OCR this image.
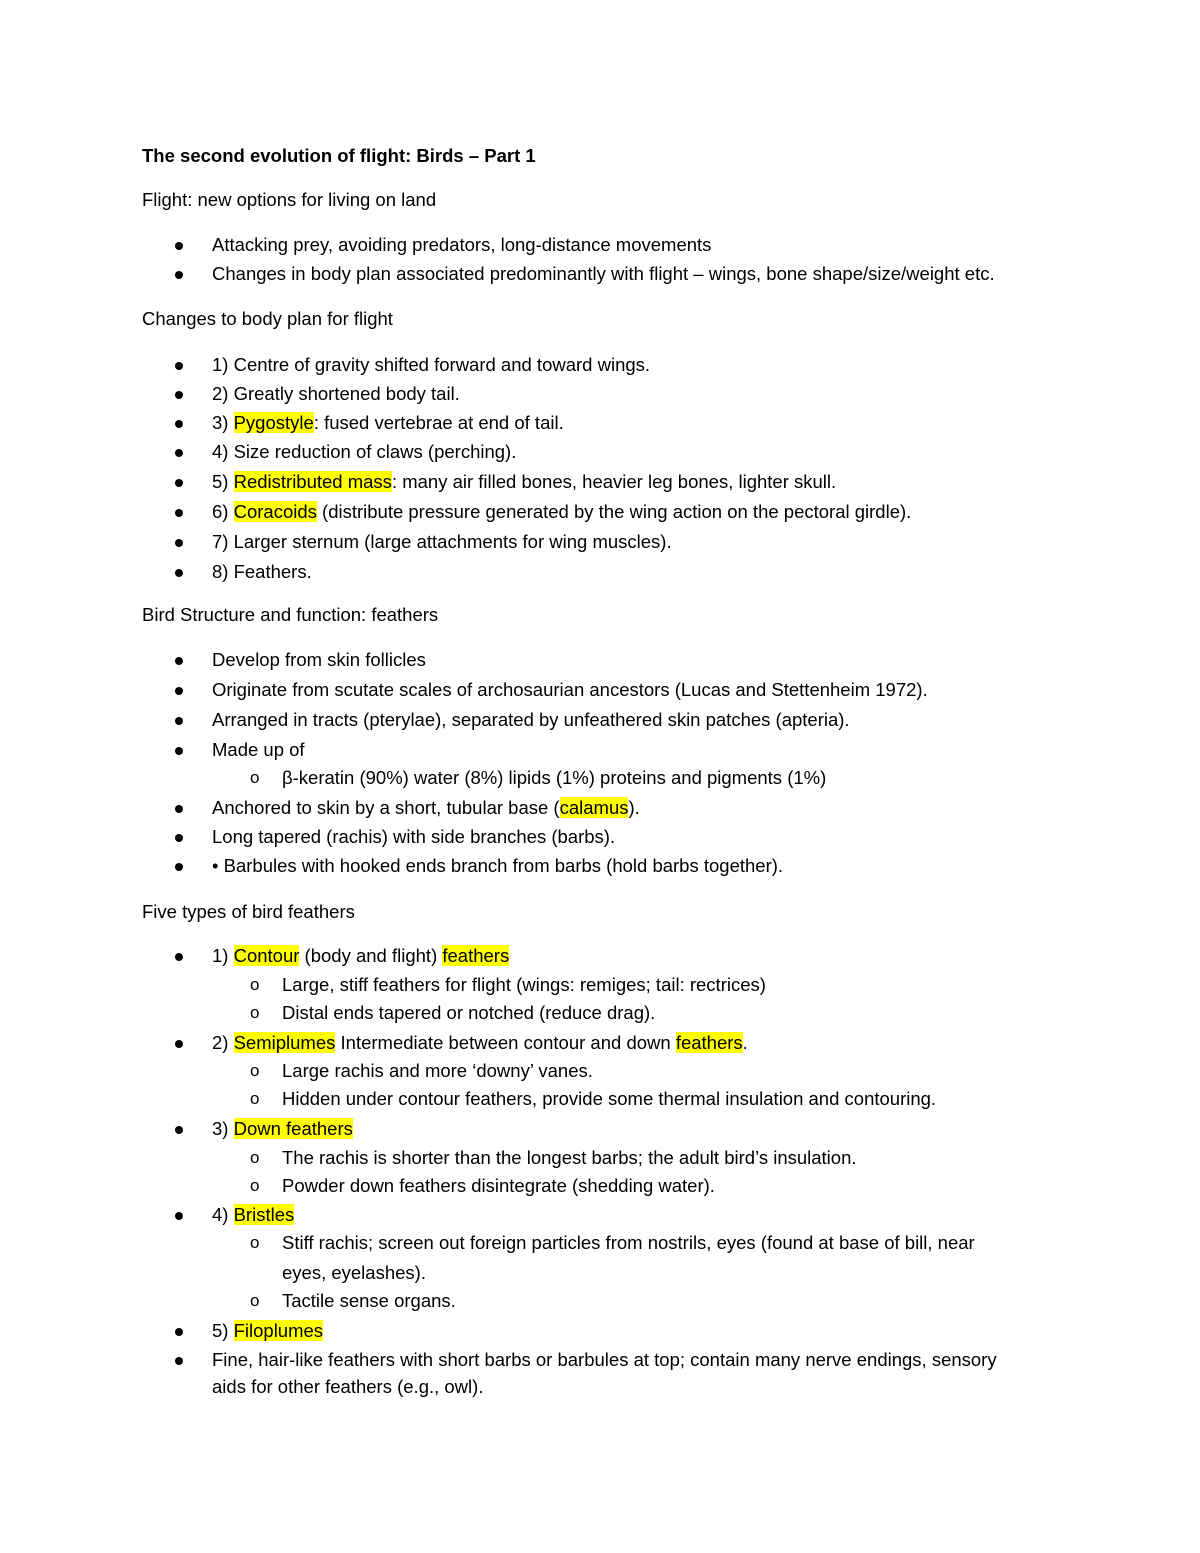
The second evolution of flight: Birds – Part 1
Flight: new options for living on land
Attacking prey, avoiding predators, long-distance movements
Changes in body plan associated predominantly with flight – wings, bone shape/size/weight etc.
Changes to body plan for flight
1) Centre of gravity shifted forward and toward wings.
2) Greatly shortened body tail.
3) Pygostyle: fused vertebrae at end of tail.
4) Size reduction of claws (perching).
5) Redistributed mass: many air filled bones, heavier leg bones, lighter skull.
6) Coracoids (distribute pressure generated by the wing action on the pectoral girdle).
7) Larger sternum (large attachments for wing muscles).
8) Feathers.
Bird Structure and function: feathers
Develop from skin follicles
Originate from scutate scales of archosaurian ancestors (Lucas and Stettenheim 1972).
Arranged in tracts (pterylae), separated by unfeathered skin patches (apteria).
Made up of
o β-keratin (90%) water (8%) lipids (1%) proteins and pigments (1%)
Anchored to skin by a short, tubular base (calamus).
Long tapered (rachis) with side branches (barbs).
• Barbules with hooked ends branch from barbs (hold barbs together).
Five types of bird feathers
1) Contour (body and flight) feathers
o Large, stiff feathers for flight (wings: remiges; tail: rectrices)
o Distal ends tapered or notched (reduce drag).
2) Semiplumes Intermediate between contour and down feathers.
o Large rachis and more ‘downy’ vanes.
o Hidden under contour feathers, provide some thermal insulation and contouring.
3) Down feathers
o The rachis is shorter than the longest barbs; the adult bird’s insulation.
o Powder down feathers disintegrate (shedding water).
4) Bristles
o Stiff rachis; screen out foreign particles from nostrils, eyes (found at base of bill, near
eyes, eyelashes).
o Tactile sense organs.
5) Filoplumes
Fine, hair-like feathers with short barbs or barbules at top; contain many nerve endings, sensory
aids for other feathers (e.g., owl).
